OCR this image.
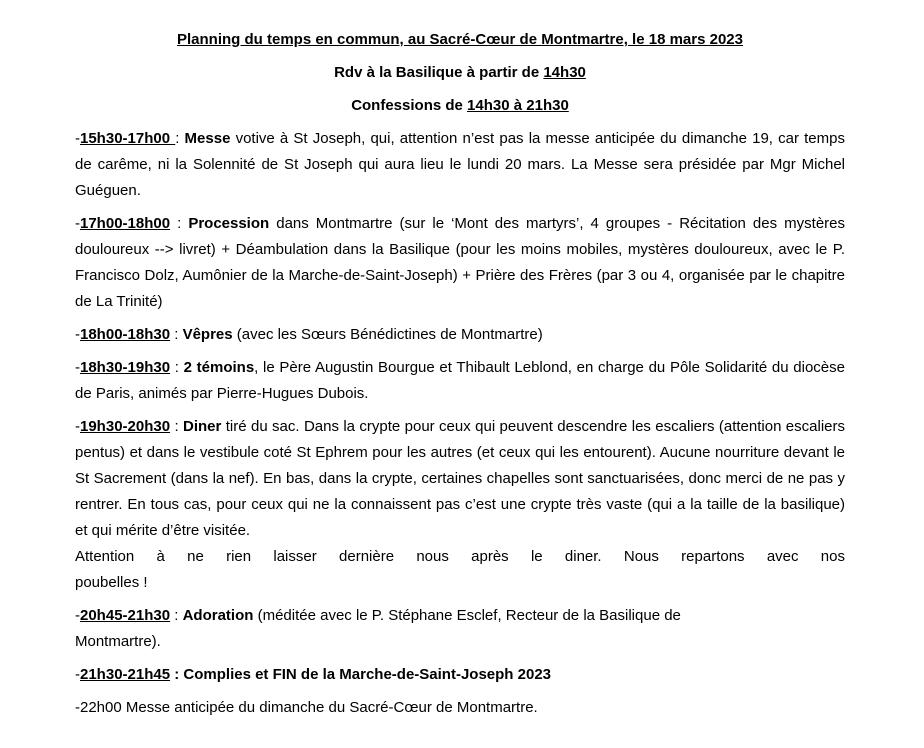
Planning du temps en commun, au Sacré-Cœur de Montmartre, le 18 mars 2023
Rdv à la Basilique à partir de 14h30
Confessions de 14h30 à 21h30

-15h30-17h00 : Messe votive à St Joseph, qui, attention n’est pas la messe anticipée du dimanche 19, car temps de carême, ni la Solennité de St Joseph qui aura lieu le lundi 20 mars. La Messe sera présidée par Mgr Michel Guéguen.

-17h00-18h00 : Procession dans Montmartre (sur le ‘Mont des martyrs’, 4 groupes - Récitation des mystères douloureux --> livret) + Déambulation dans la Basilique (pour les moins mobiles, mystères douloureux, avec le P. Francisco Dolz, Aumônier de la Marche-de-Saint-Joseph) + Prière des Frères (par 3 ou 4, organisée par le chapitre de La Trinité)

-18h00-18h30 : Vêpres (avec les Sœurs Bénédictines de Montmartre)

-18h30-19h30 : 2 témoins, le Père Augustin Bourgue et Thibault Leblond, en charge du Pôle Solidarité du diocèse de Paris, animés par Pierre-Hugues Dubois.

-19h30-20h30 : Diner tiré du sac. Dans la crypte pour ceux qui peuvent descendre les escaliers (attention escaliers pentus) et dans le vestibule coté St Ephrem pour les autres (et ceux qui les entourent). Aucune nourriture devant le St Sacrement (dans la nef). En bas, dans la crypte, certaines chapelles sont sanctuarisées, donc merci de ne pas y rentrer. En tous cas, pour ceux qui ne la connaissent pas c’est une crypte très vaste (qui a la taille de la basilique) et qui mérite d’être visitée.
Attention à ne rien laisser dernière nous après le diner. Nous repartons avec nos
poubelles !

-20h45-21h30 : Adoration (méditée avec le P. Stéphane Esclef, Recteur de la Basilique de
Montmartre).

-21h30-21h45 : Complies et FIN de la Marche-de-Saint-Joseph 2023

-22h00 Messe anticipée du dimanche du Sacré-Cœur de Montmartre.
